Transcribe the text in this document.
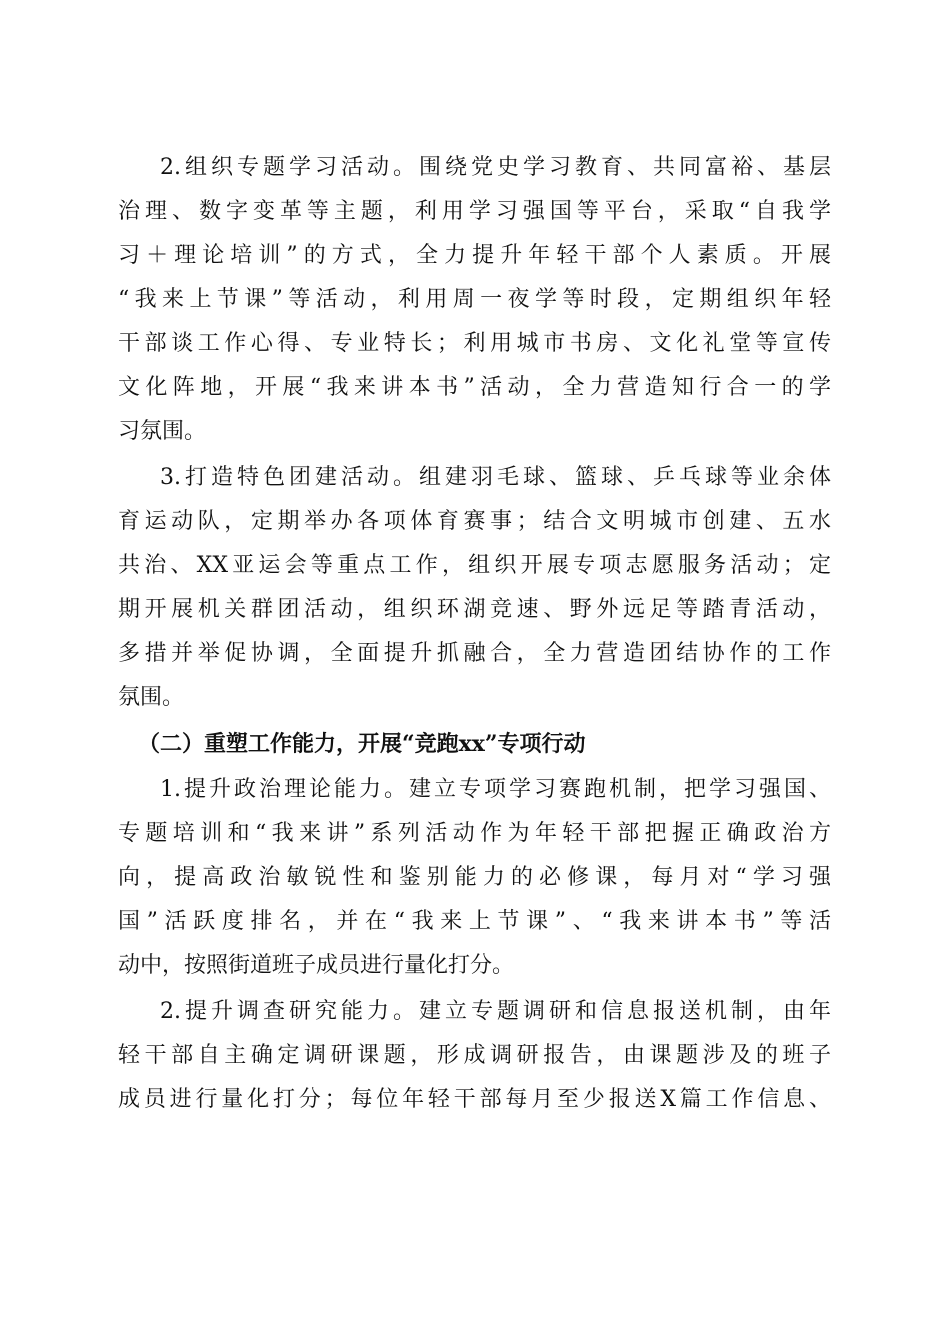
2.组织专题学习活动。围绕党史学习教育、共同富裕、基层
治理、数字变革等主题，利用学习强国等平台，采取“自我学
习＋理论培训”的方式，全力提升年轻干部个人素质。开展
“我来上节课”等活动，利用周一夜学等时段，定期组织年轻
干部谈工作心得、专业特长；利用城市书房、文化礼堂等宣传
文化阵地，开展“我来讲本书”活动，全力营造知行合一的学
习氛围。
3.打造特色团建活动。组建羽毛球、篮球、乒乓球等业余体
育运动队，定期举办各项体育赛事；结合文明城市创建、五水
共治、XX亚运会等重点工作，组织开展专项志愿服务活动；定
期开展机关群团活动，组织环湖竞速、野外远足等踏青活动，
多措并举促协调，全面提升抓融合，全力营造团结协作的工作
氛围。
（二）重塑工作能力，开展“竞跑xx”专项行动
1.提升政治理论能力。建立专项学习赛跑机制，把学习强国、
专题培训和“我来讲”系列活动作为年轻干部把握正确政治方
向，提高政治敏锐性和鉴别能力的必修课，每月对“学习强
国”活跃度排名，并在“我来上节课”、“我来讲本书”等活
动中，按照街道班子成员进行量化打分。
2.提升调查研究能力。建立专题调研和信息报送机制，由年
轻干部自主确定调研课题，形成调研报告，由课题涉及的班子
成员进行量化打分；每位年轻干部每月至少报送X篇工作信息、
